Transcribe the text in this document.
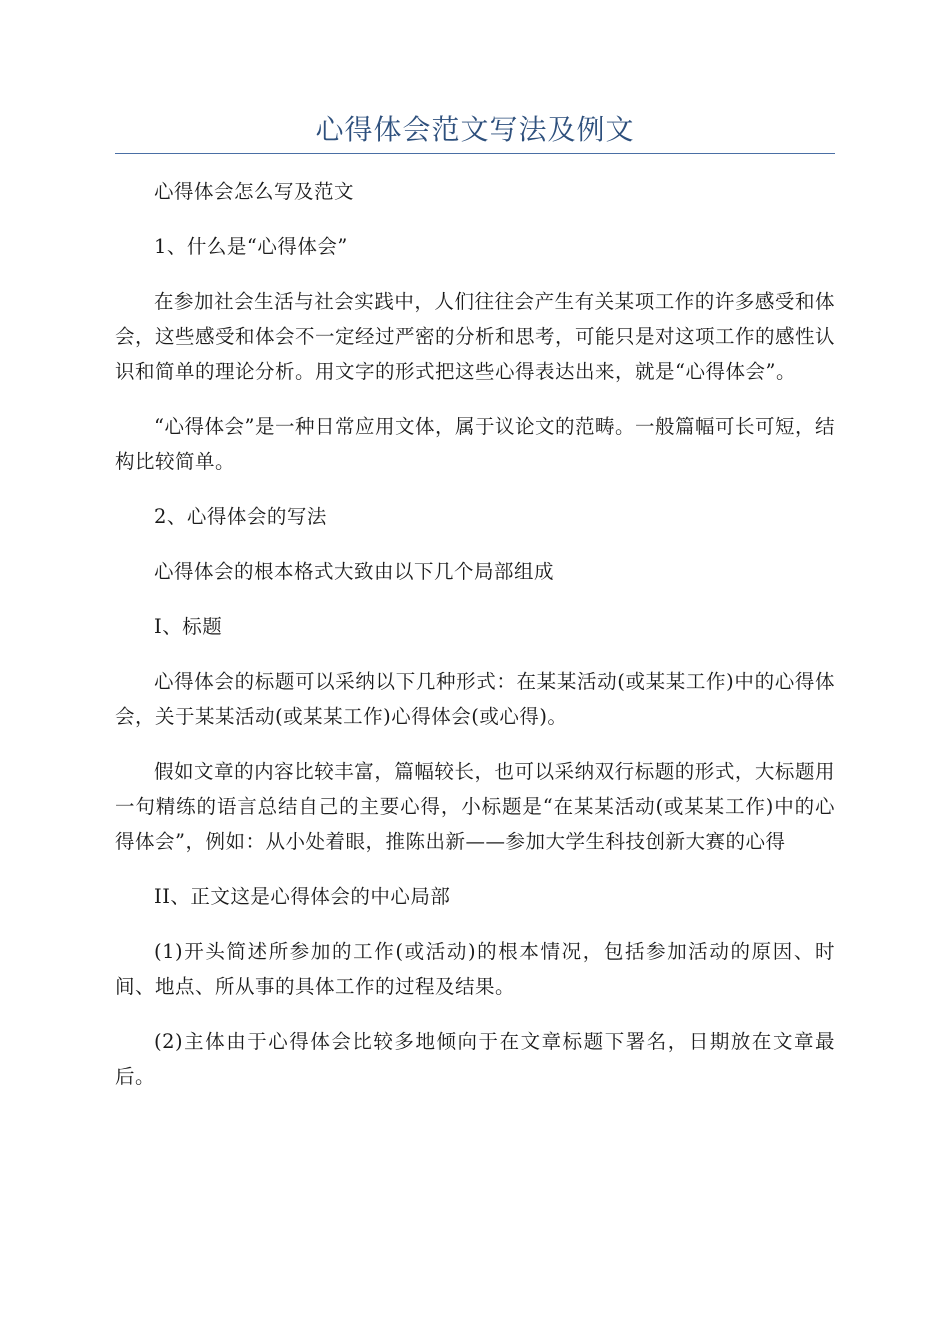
心得体会范文写法及例文

心得体会怎么写及范文

1、什么是“心得体会”

在参加社会生活与社会实践中，人们往往会产生有关某项工作的许多感受和体会，这些感受和体会不一定经过严密的分析和思考，可能只是对这项工作的感性认识和简单的理论分析。用文字的形式把这些心得表达出来，就是“心得体会”。

“心得体会”是一种日常应用文体，属于议论文的范畴。一般篇幅可长可短，结构比较简单。

2、心得体会的写法

心得体会的根本格式大致由以下几个局部组成

I、标题

心得体会的标题可以采纳以下几种形式：在某某活动(或某某工作)中的心得体会，关于某某活动(或某某工作)心得体会(或心得)。

假如文章的内容比较丰富，篇幅较长，也可以采纳双行标题的形式，大标题用一句精练的语言总结自己的主要心得，小标题是“在某某活动(或某某工作)中的心得体会”，例如：从小处着眼，推陈出新——参加大学生科技创新大赛的心得

II、正文这是心得体会的中心局部

(1)开头简述所参加的工作(或活动)的根本情况，包括参加活动的原因、时间、地点、所从事的具体工作的过程及结果。

(2)主体由于心得体会比较多地倾向于在文章标题下署名，日期放在文章最后。
